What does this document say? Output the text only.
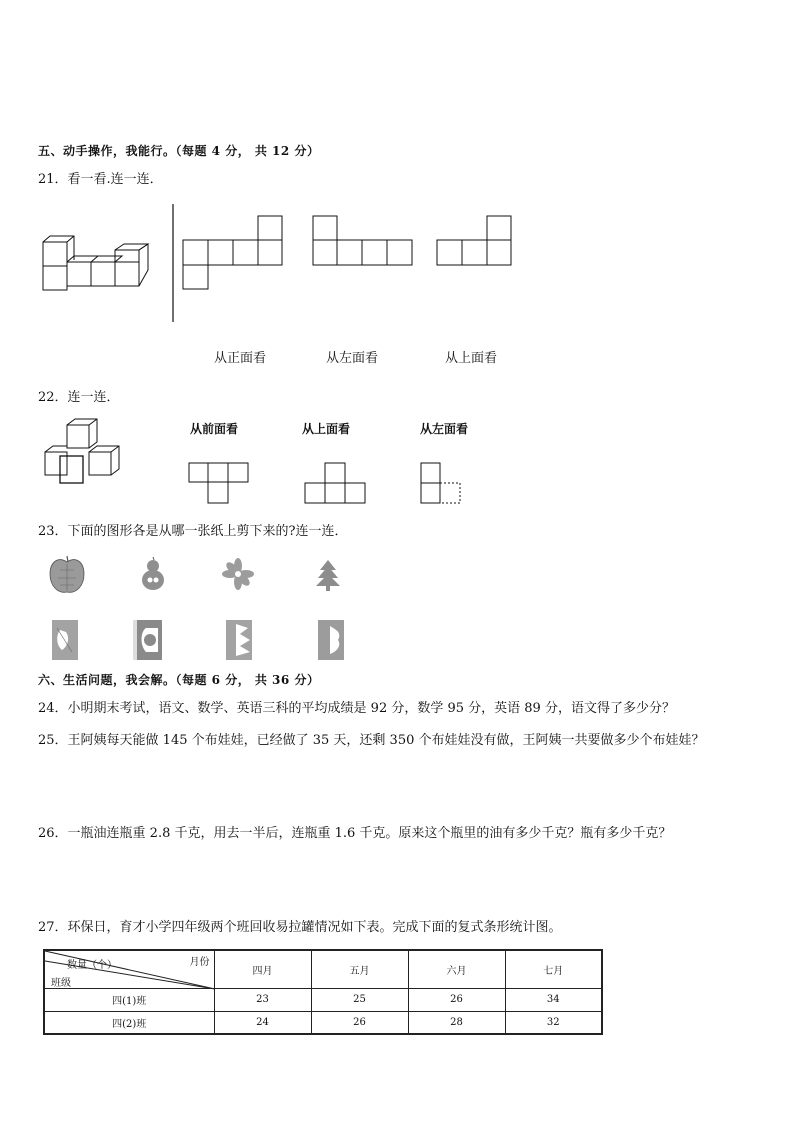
五、动手操作，我能行。（每题 4 分， 共 12 分）
21．看一看.连一连．
从正面看	从左面看	从上面看
22．连一连．
从前面看	从上面看	从左面看
23．下面的图形各是从哪一张纸上剪下来的?连一连．
六、生活问题，我会解。（每题 6 分， 共 36 分）
24．小明期末考试，语文、数学、英语三科的平均成绩是 92 分，数学 95 分，英语 89 分，语文得了多少分？
25．王阿姨每天能做 145 个布娃娃，已经做了 35 天，还剩 350 个布娃娃没有做，王阿姨一共要做多少个布娃娃？
26．一瓶油连瓶重 2.8 千克，用去一半后，连瓶重 1.6 千克。原来这个瓶里的油有多少千克？瓶有多少千克？
27．环保日，育才小学四年级两个班回收易拉罐情况如下表。完成下面的复式条形统计图。
数量（个） 月份
班级	四月	五月	六月	七月
四(1)班	23	25	26	34
四(2)班	24	26	28	32
